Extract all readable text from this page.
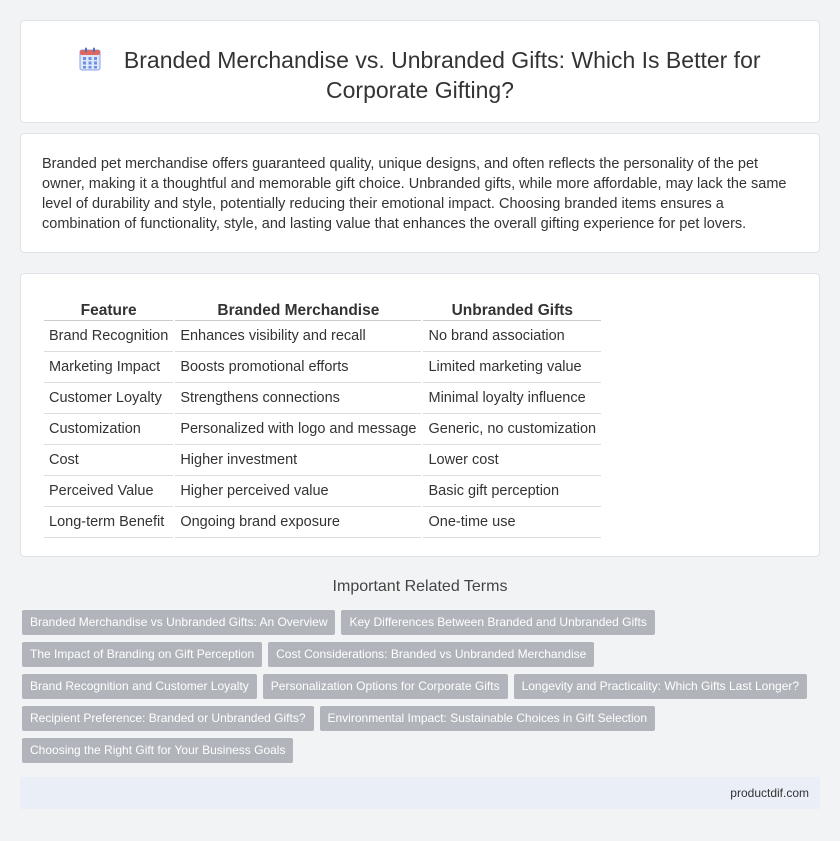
Branded Merchandise vs. Unbranded Gifts: Which Is Better for Corporate Gifting?

Branded pet merchandise offers guaranteed quality, unique designs, and often reflects the personality of the pet owner, making it a thoughtful and memorable gift choice. Unbranded gifts, while more affordable, may lack the same level of durability and style, potentially reducing their emotional impact. Choosing branded items ensures a combination of functionality, style, and lasting value that enhances the overall gifting experience for pet lovers.

Feature	Branded Merchandise	Unbranded Gifts
Brand Recognition	Enhances visibility and recall	No brand association
Marketing Impact	Boosts promotional efforts	Limited marketing value
Customer Loyalty	Strengthens connections	Minimal loyalty influence
Customization	Personalized with logo and message	Generic, no customization
Cost	Higher investment	Lower cost
Perceived Value	Higher perceived value	Basic gift perception
Long-term Benefit	Ongoing brand exposure	One-time use
Important Related Terms
Branded Merchandise vs Unbranded Gifts: An Overview Key Differences Between Branded and Unbranded Gifts
The Impact of Branding on Gift Perception Cost Considerations: Branded vs Unbranded Merchandise
Brand Recognition and Customer Loyalty Personalization Options for Corporate Gifts Longevity and Practicality: Which Gifts Last Longer?
Recipient Preference: Branded or Unbranded Gifts? Environmental Impact: Sustainable Choices in Gift Selection
Choosing the Right Gift for Your Business Goals
productdif.com
